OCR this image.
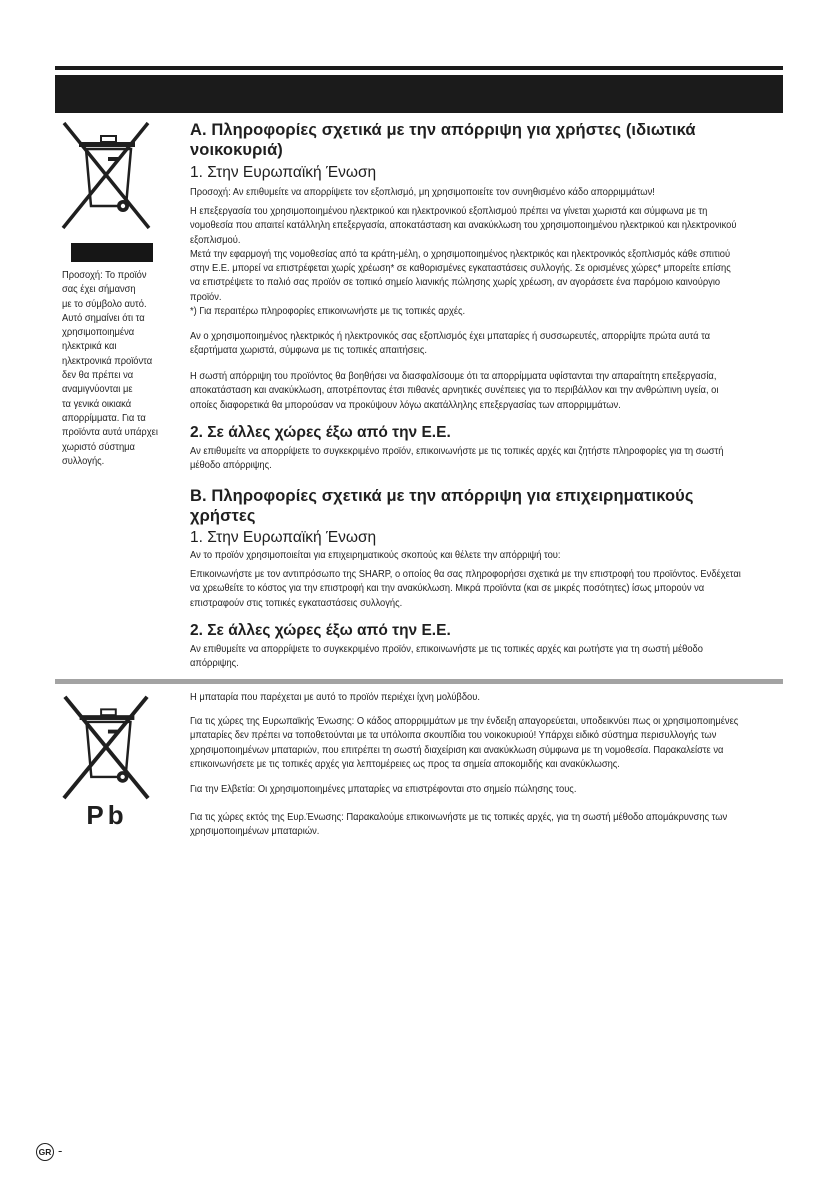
Προσοχή: Το προϊόν
σας έχει σήμανση
με το σύμβολο αυτό.
Αυτό σημαίνει ότι τα
χρησιμοποιημένα
ηλεκτρικά και
ηλεκτρονικά προϊόντα
δεν θα πρέπει να
αναμιγνύονται με
τα γενικά οικιακά
απορρίμματα. Για τα
προϊόντα αυτά υπάρχει
χωριστό σύστημα
συλλογής.
A. Πληροφορίες σχετικά με την απόρριψη για χρήστες (ιδιωτικά
νοικοκυριά)
1. Στην Ευρωπαϊκή Ένωση
Προσοχή: Αν επιθυμείτε να απορρίψετε τον εξοπλισμό, μη χρησιμοποιείτε τον συνηθισμένο κάδο απορριμμάτων!
Η επεξεργασία του χρησιμοποιημένου ηλεκτρικού και ηλεκτρονικού εξοπλισμού πρέπει να γίνεται χωριστά και σύμφωνα με τη
νομοθεσία που απαιτεί κατάλληλη επεξεργασία, αποκατάσταση και ανακύκλωση του χρησιμοποιημένου ηλεκτρικού και ηλεκτρονικού
εξοπλισμού.
Μετά την εφαρμογή της νομοθεσίας από τα κράτη-μέλη, ο χρησιμοποιημένος ηλεκτρικός και ηλεκτρονικός εξοπλισμός κάθε σπιτιού
στην Ε.Ε. μπορεί να επιστρέφεται χωρίς χρέωση* σε καθορισμένες εγκαταστάσεις συλλογής. Σε ορισμένες χώρες* μπορείτε επίσης
να επιστρέψετε το παλιό σας προϊόν σε τοπικό σημείο λιανικής πώλησης χωρίς χρέωση, αν αγοράσετε ένα παρόμοιο καινούργιο
προϊόν.
*) Για περαιτέρω πληροφορίες επικοινωνήστε με τις τοπικές αρχές.
Αν ο χρησιμοποιημένος ηλεκτρικός ή ηλεκτρονικός σας εξοπλισμός έχει μπαταρίες ή συσσωρευτές, απορρίψτε πρώτα αυτά τα
εξαρτήματα χωριστά, σύμφωνα με τις τοπικές απαιτήσεις.
Η σωστή απόρριψη του προϊόντος θα βοηθήσει να διασφαλίσουμε ότι τα απορρίμματα υφίστανται την απαραίτητη επεξεργασία,
αποκατάσταση και ανακύκλωση, αποτρέποντας έτσι πιθανές αρνητικές συνέπειες για το περιβάλλον και την ανθρώπινη υγεία, οι
οποίες διαφορετικά θα μπορούσαν να προκύψουν λόγω ακατάλληλης επεξεργασίας των απορριμμάτων.
2. Σε άλλες χώρες έξω από την Ε.Ε.
Αν επιθυμείτε να απορρίψετε το συγκεκριμένο προϊόν, επικοινωνήστε με τις τοπικές αρχές και ζητήστε πληροφορίες για τη σωστή
μέθοδο απόρριψης.
B. Πληροφορίες σχετικά με την απόρριψη για επιχειρηματικούς
χρήστες
1. Στην Ευρωπαϊκή Ένωση
Αν το προϊόν χρησιμοποιείται για επιχειρηματικούς σκοπούς και θέλετε την απόρριψή του:
Επικοινωνήστε με τον αντιπρόσωπο της SHARP, ο οποίος θα σας πληροφορήσει σχετικά με την επιστροφή του προϊόντος. Ενδέχεται
να χρεωθείτε το κόστος για την επιστροφή και την ανακύκλωση. Μικρά προϊόντα (και σε μικρές ποσότητες) ίσως μπορούν να
επιστραφούν στις τοπικές εγκαταστάσεις συλλογής.
2. Σε άλλες χώρες έξω από την Ε.Ε.
Αν επιθυμείτε να απορρίψετε το συγκεκριμένο προϊόν, επικοινωνήστε με τις τοπικές αρχές και ρωτήστε για τη σωστή μέθοδο
απόρριψης.
Pb
Η μπαταρία που παρέχεται με αυτό το προϊόν περιέχει ίχνη μολύβδου.
Για τις χώρες της Ευρωπαϊκής Ένωσης: Ο κάδος απορριμμάτων με την ένδειξη απαγορεύεται, υποδεικνύει πως οι χρησιμοποιημένες
μπαταρίες δεν πρέπει να τοποθετούνται με τα υπόλοιπα σκουπίδια του νοικοκυριού! Υπάρχει ειδικό σύστημα περισυλλογής των
χρησιμοποιημένων μπαταριών, που επιτρέπει τη σωστή διαχείριση και ανακύκλωση σύμφωνα με τη νομοθεσία. Παρακαλείστε να
επικοινωνήσετε με τις τοπικές αρχές για λεπτομέρειες ως προς τα σημεία αποκομιδής και ανακύκλωσης.
Για την Ελβετία: Οι χρησιμοποιημένες μπαταρίες να επιστρέφονται στο σημείο πώλησης τους.
Για τις χώρες εκτός της Ευρ.Ένωσης: Παρακαλούμε επικοινωνήστε με τις τοπικές αρχές, για τη σωστή μέθοδο απομάκρυνσης των
χρησιμοποιημένων μπαταριών.
GR -
